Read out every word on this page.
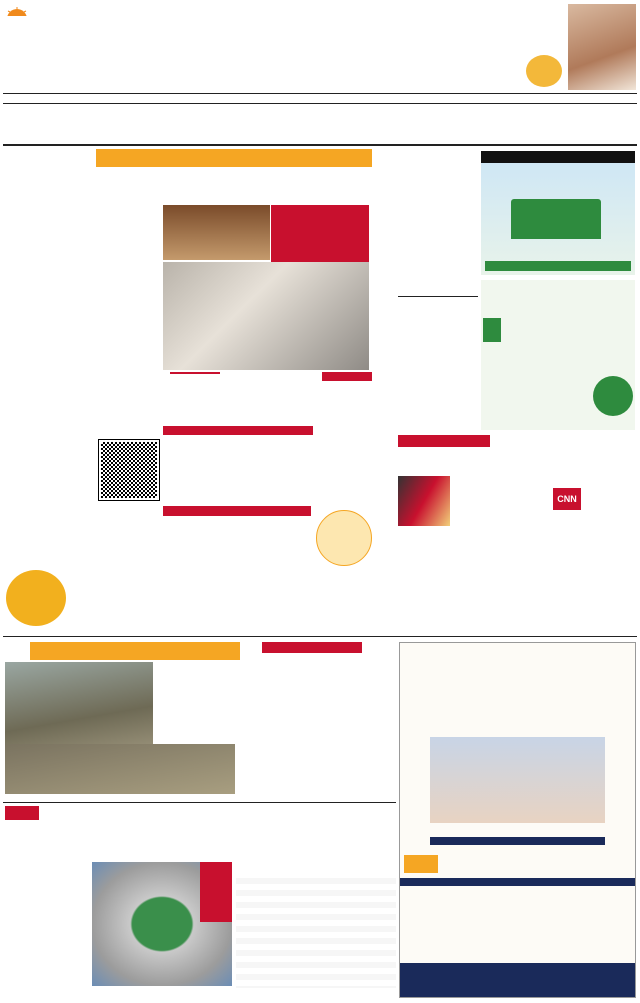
CNN
